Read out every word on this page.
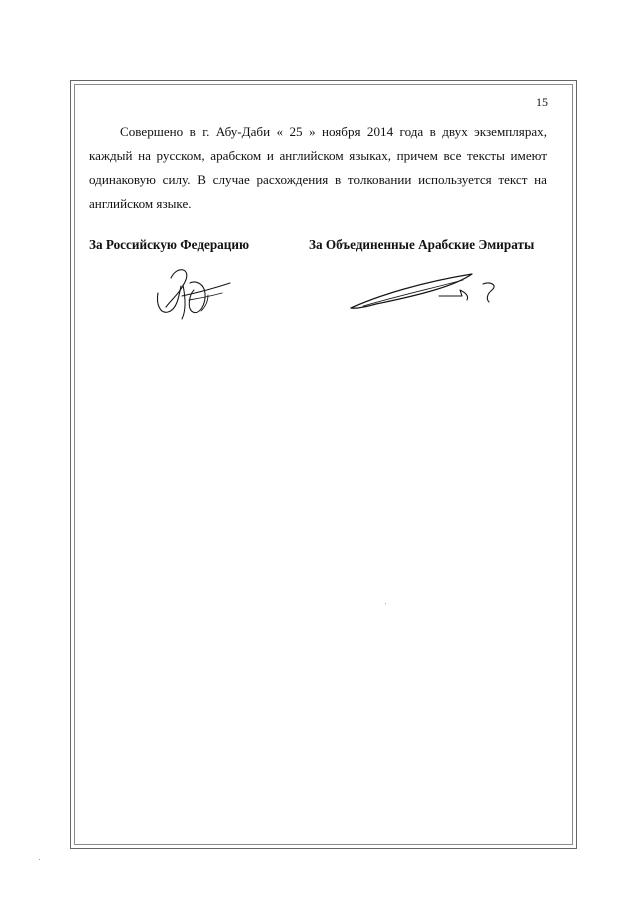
15

Совершено в г. Абу-Даби « 25 » ноября 2014 года в двух экземплярах, каждый на русском, арабском и английском языках, причем все тексты имеют одинаковую силу. В случае расхождения в толковании используется текст на английском языке.

За Российскую Федерацию	За Объединенные Арабские Эмираты
